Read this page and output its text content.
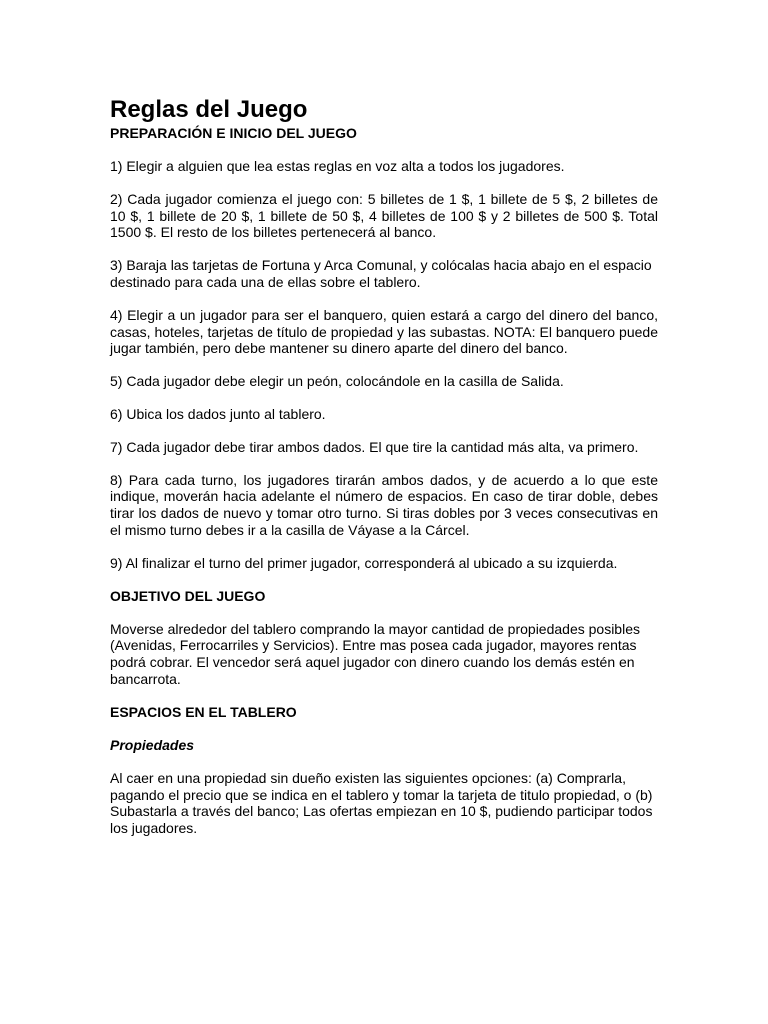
Reglas del Juego
PREPARACIÓN E INICIO DEL JUEGO

1) Elegir a alguien que lea estas reglas en voz alta a todos los jugadores.

2) Cada jugador comienza el juego con: 5 billetes de 1 $, 1 billete de 5 $, 2 billetes de 10 $, 1 billete de 20 $, 1 billete de 50 $, 4 billetes de 100 $ y 2 billetes de 500 $. Total 1500 $. El resto de los billetes pertenecerá al banco.

3) Baraja las tarjetas de Fortuna y Arca Comunal, y colócalas hacia abajo en el espacio destinado para cada una de ellas sobre el tablero.

4) Elegir a un jugador para ser el banquero, quien estará a cargo del dinero del banco, casas, hoteles, tarjetas de título de propiedad y las subastas. NOTA: El banquero puede jugar también, pero debe mantener su dinero aparte del dinero del banco.

5) Cada jugador debe elegir un peón, colocándole en la casilla de Salida.

6) Ubica los dados junto al tablero.

7) Cada jugador debe tirar ambos dados. El que tire la cantidad más alta, va primero.

8) Para cada turno, los jugadores tirarán ambos dados, y de acuerdo a lo que este indique, moverán hacia adelante el número de espacios. En caso de tirar doble, debes tirar los dados de nuevo y tomar otro turno. Si tiras dobles por 3 veces consecutivas en el mismo turno debes ir a la casilla de Váyase a la Cárcel.

9) Al finalizar el turno del primer jugador, corresponderá al ubicado a su izquierda.

OBJETIVO DEL JUEGO

Moverse alrededor del tablero comprando la mayor cantidad de propiedades posibles (Avenidas, Ferrocarriles y Servicios). Entre mas posea cada jugador, mayores rentas podrá cobrar. El vencedor será aquel jugador con dinero cuando los demás estén en bancarrota.

ESPACIOS EN EL TABLERO
Propiedades

Al caer en una propiedad sin dueño existen las siguientes opciones: (a) Comprarla, pagando el precio que se indica en el tablero y tomar la tarjeta de titulo propiedad, o (b) Subastarla a través del banco; Las ofertas empiezan en 10 $, pudiendo participar todos los jugadores.
